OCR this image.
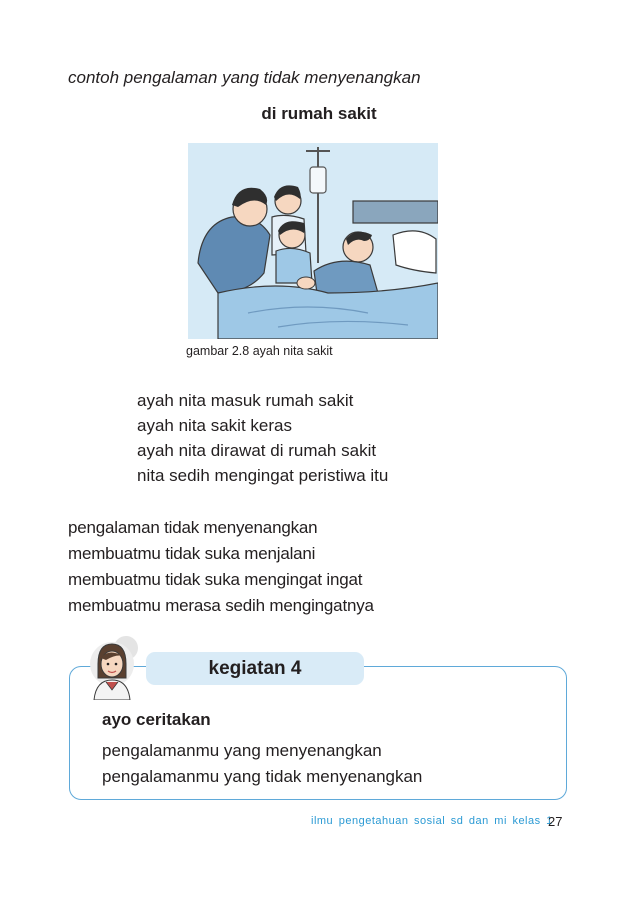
contoh pengalaman yang tidak menyenangkan
di rumah sakit
gambar 2.8 ayah nita sakit
ayah nita masuk rumah sakit
ayah nita sakit keras
ayah nita dirawat di rumah sakit
nita sedih mengingat peristiwa itu
pengalaman tidak menyenangkan
membuatmu tidak suka menjalani
membuatmu tidak suka mengingat ingat
membuatmu merasa sedih mengingatnya
kegiatan 4
ayo ceritakan
pengalamanmu yang menyenangkan
pengalamanmu yang tidak menyenangkan
ilmu pengetahuan sosial sd dan mi kelas 1
27
